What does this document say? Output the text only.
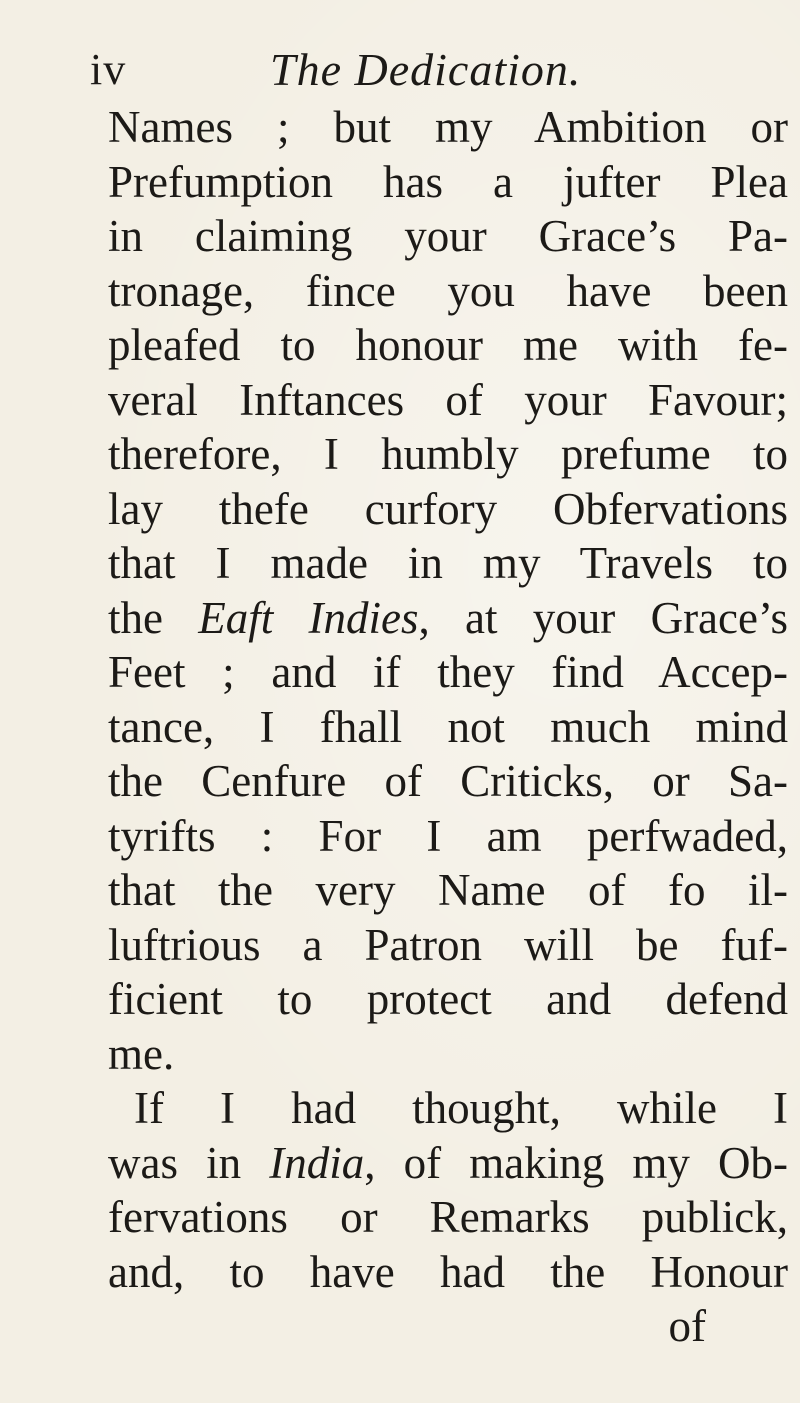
iv	The Dedication.
Names ; but my Ambition or
Prefumption has a jufter Plea
in claiming your Grace’s Pa-
tronage, fince you have been
pleafed to honour me with fe-
veral Inftances of your Favour;
therefore, I humbly prefume to
lay thefe curfory Obfervations
that I made in my Travels to
the Eaft Indies, at your Grace’s
Feet ; and if they find Accep-
tance, I fhall not much mind
the Cenfure of Criticks, or Sa-
tyrifts : For I am perfwaded,
that the very Name of fo il-
luftrious a Patron will be fuf-
ficient to protect and defend
me.
If I had thought, while I
was in India, of making my Ob-
fervations or Remarks publick,
and, to have had the Honour
of
